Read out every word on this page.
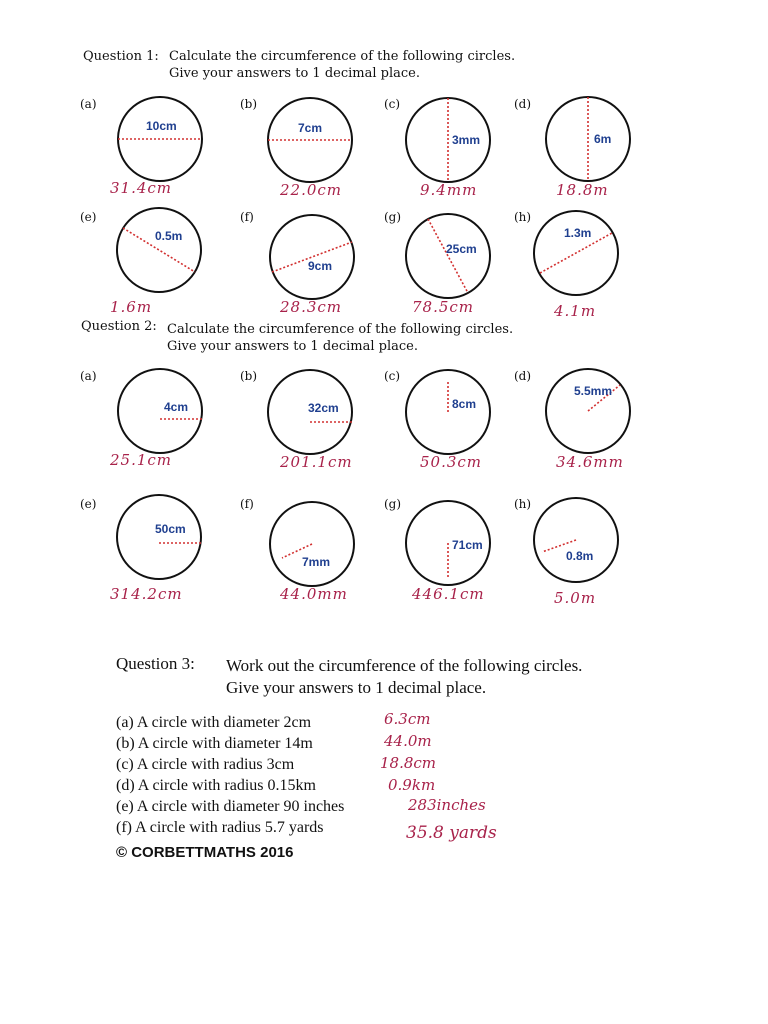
Question 1: Calculate the circumference of the following circles.
Give your answers to 1 decimal place.
Question 2: Calculate the circumference of the following circles.
Give your answers to 1 decimal place.
Question 3: Work out the circumference of the following circles.
Give your answers to 1 decimal place.
(a)
10cm
31.4cm
(b)
7cm
22.0cm
(c)
3mm
9.4mm
(d)
6m
18.8m
(e)
0.5m
1.6m
(f)
9cm
28.3cm
(g)
25cm
78.5cm
(h)
1.3m
4.1m
(a)
4cm
25.1cm
(b)
32cm
201.1cm
(c)
8cm
50.3cm
(d)
5.5mm
34.6mm
(e)
50cm
314.2cm
(f)
7mm
44.0mm
(g)
71cm
446.1cm
(h)
0.8m
5.0m
(a) A circle with diameter 2cm	6.3cm
(b) A circle with diameter 14m	44.0m
(c) A circle with radius 3cm	18.8cm
(d) A circle with radius 0.15km	0.9km
(e) A circle with diameter 90 inches	283inches
(f) A circle with radius 5.7 yards	35.8 yards
© CORBETTMATHS 2016
